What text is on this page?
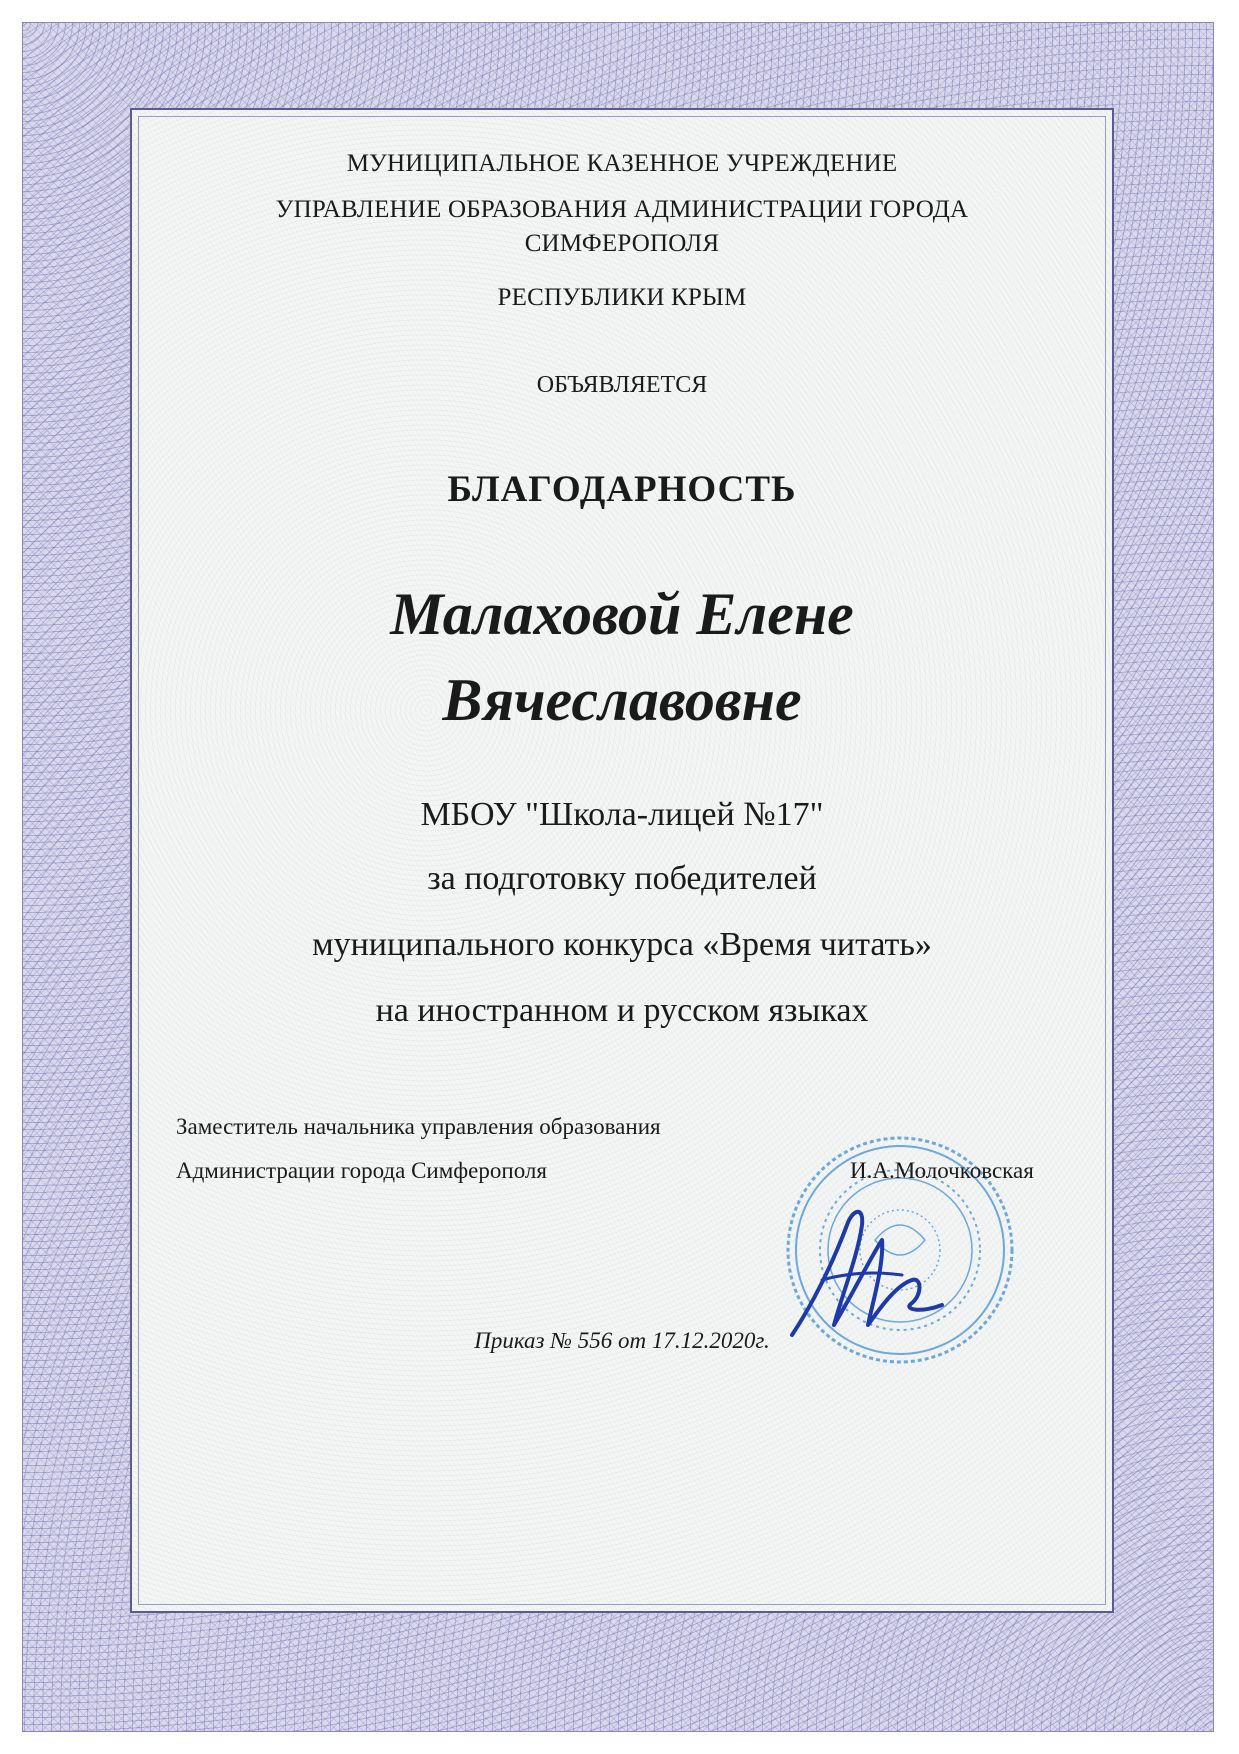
МУНИЦИПАЛЬНОЕ КАЗЕННОЕ УЧРЕЖДЕНИЕ
УПРАВЛЕНИЕ ОБРАЗОВАНИЯ АДМИНИСТРАЦИИ ГОРОДА
СИМФЕРОПОЛЯ
РЕСПУБЛИКИ КРЫМ
ОБЪЯВЛЯЕТСЯ
БЛАГОДАРНОСТЬ
Малаховой Елене
Вячеславовне
МБОУ "Школа-лицей №17"
за подготовку победителей
муниципального конкурса «Время читать»
на иностранном и русском языках
Заместитель начальника управления образования
Администрации города Симферополя	И.А.Молочковская
Приказ № 556 от 17.12.2020г.
